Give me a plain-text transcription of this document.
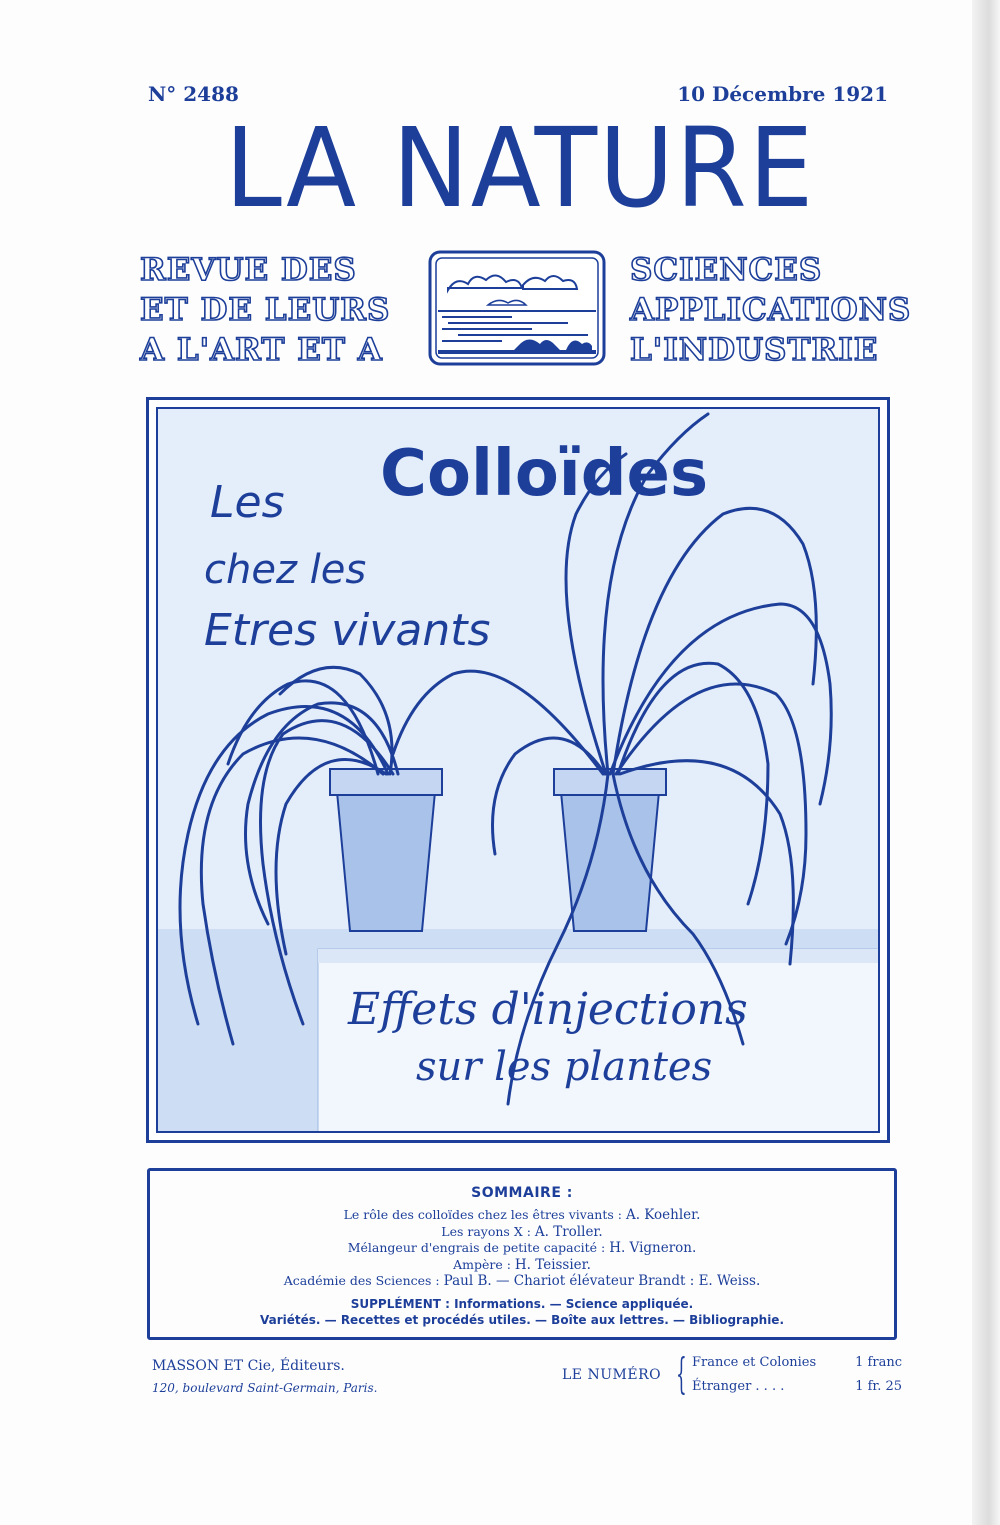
N° 2488	10 Décembre 1921
LA NATURE
REVUE DES
ET DE LEURS
A L'ART ET A
SCIENCES
APPLICATIONS
L'INDUSTRIE
Les Colloïdes
chez les
Etres vivants
Effets d'injections
sur les plantes
SOMMAIRE :
Le rôle des colloïdes chez les êtres vivants : A. Koehler.
Les rayons X : A. Troller.
Mélangeur d'engrais de petite capacité : H. Vigneron.
Ampère : H. Teissier.
Académie des Sciences : Paul B. — Chariot élévateur Brandt : E. Weiss.
SUPPLÉMENT : Informations. — Science appliquée.
Variétés. — Recettes et procédés utiles. — Boîte aux lettres. — Bibliographie.
MASSON ET Cie, Éditeurs.
120, boulevard Saint-Germain, Paris.
LE NUMÉRO { France et Colonies	1 franc
Étranger . . . .	1 fr. 25
